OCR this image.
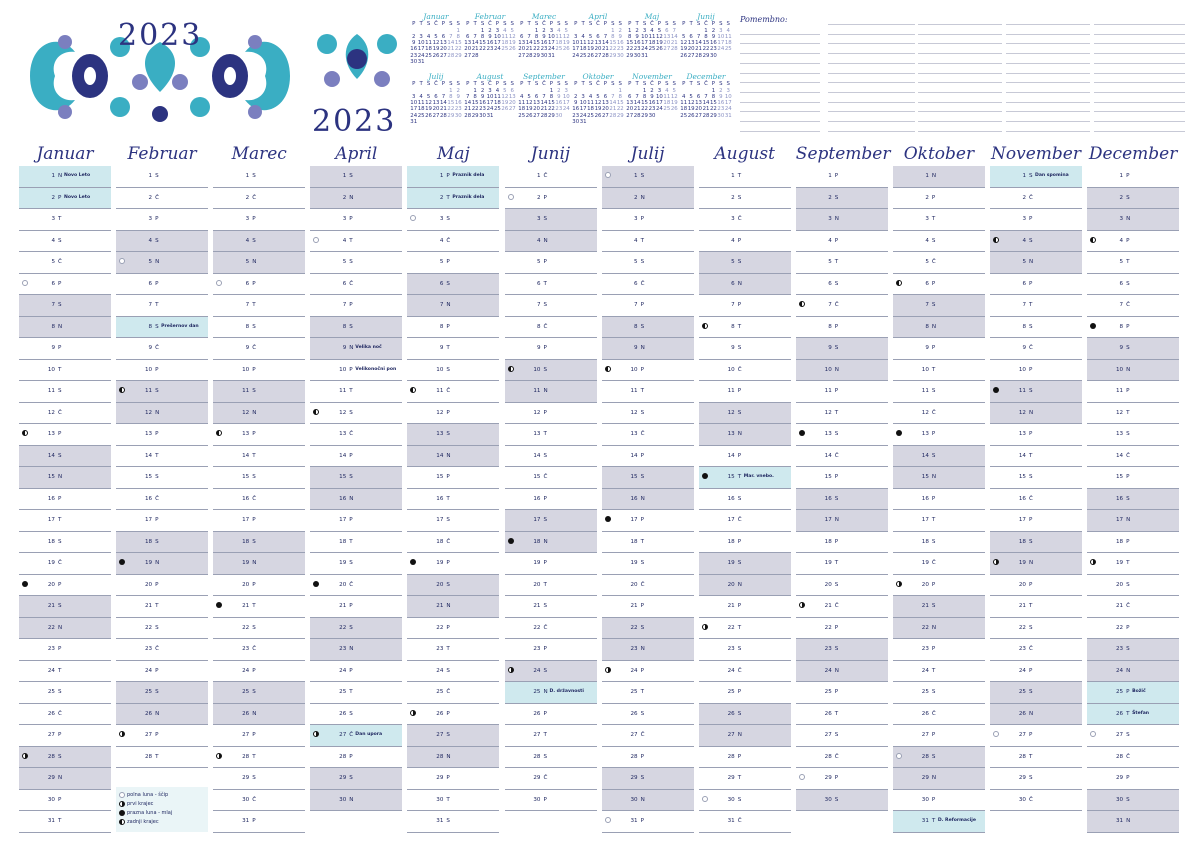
2023
2023
Januar
P T S Č P S S
1
2 3 4 5 6 7 8
9 10 11 12 13 14 15
16 17 18 19 20 21 22
23 24 25 26 27 28 29
30 31
Februar
P T S Č P S S
1 2 3 4 5
6 7 8 9 10 11 12
13 14 15 16 17 18 19
20 21 22 23 24 25 26
27 28
Marec
P T S Č P S S
1 2 3 4 5
6 7 8 9 10 11 12
13 14 15 16 17 18 19
20 21 22 23 24 25 26
27 28 29 30 31
April
P T S Č P S S
1 2
3 4 5 6 7 8 9
10 11 12 13 14 15 16
17 18 19 20 21 22 23
24 25 26 27 28 29 30
Maj
P T S Č P S S
1 2 3 4 5 6 7
8 9 10 11 12 13 14
15 16 17 18 19 20 21
22 23 24 25 26 27 28
29 30 31
Junij
P T S Č P S S
1 2 3 4
5 6 7 8 9 10 11
12 13 14 15 16 17 18
19 20 21 22 23 24 25
26 27 28 29 30
Julij
P T S Č P S S
1 2
3 4 5 6 7 8 9
10 11 12 13 14 15 16
17 18 19 20 21 22 23
24 25 26 27 28 29 30
31
August
P T S Č P S S
1 2 3 4 5 6
7 8 9 10 11 12 13
14 15 16 17 18 19 20
21 22 23 24 25 26 27
28 29 30 31
September
P T S Č P S S
1 2 3
4 5 6 7 8 9 10
11 12 13 14 15 16 17
18 19 20 21 22 23 24
25 26 27 28 29 30
Oktober
P T S Č P S S
1
2 3 4 5 6 7 8
9 10 11 12 13 14 15
16 17 18 19 20 21 22
23 24 25 26 27 28 29
30 31
November
P T S Č P S S
1 2 3 4 5
6 7 8 9 10 11 12
13 14 15 16 17 18 19
20 21 22 23 24 25 26
27 28 29 30
December
P T S Č P S S
1 2 3
4 5 6 7 8 9 10
11 12 13 14 15 16 17
18 19 20 21 22 23 24
25 26 27 28 29 30 31
Pomembno:
Januar
1 N Novo Leto
2 P Novo Leto
3 T
4 S
5 Č
6 P
7 S
8 N
9 P
10 T
11 S
12 Č
13 P
14 S
15 N
16 P
17 T
18 S
19 Č
20 P
21 S
22 N
23 P
24 T
25 S
26 Č
27 P
28 S
29 N
30 P
31 T
Februar
1 S
2 Č
3 P
4 S
5 N
6 P
7 T
8 S Prešernov dan
9 Č
10 P
11 S
12 N
13 P
14 T
15 S
16 Č
17 P
18 S
19 N
20 P
21 T
22 S
23 Č
24 P
25 S
26 N
27 P
28 T
Marec
1 S
2 Č
3 P
4 S
5 N
6 P
7 T
8 S
9 Č
10 P
11 S
12 N
13 P
14 T
15 S
16 Č
17 P
18 S
19 N
20 P
21 T
22 S
23 Č
24 P
25 S
26 N
27 P
28 T
29 S
30 Č
31 P
April
1 S
2 N
3 P
4 T
5 S
6 Č
7 P
8 S
9 N Velika noč
10 P Velikonočni pon
11 T
12 S
13 Č
14 P
15 S
16 N
17 P
18 T
19 S
20 Č
21 P
22 S
23 N
24 P
25 T
26 S
27 Č Dan upora
28 P
29 S
30 N
Maj
1 P Praznik dela
2 T Praznik dela
3 S
4 Č
5 P
6 S
7 N
8 P
9 T
10 S
11 Č
12 P
13 S
14 N
15 P
16 T
17 S
18 Č
19 P
20 S
21 N
22 P
23 T
24 S
25 Č
26 P
27 S
28 N
29 P
30 T
31 S
Junij
1 Č
2 P
3 S
4 N
5 P
6 T
7 S
8 Č
9 P
10 S
11 N
12 P
13 T
14 S
15 Č
16 P
17 S
18 N
19 P
20 T
21 S
22 Č
23 P
24 S
25 N D. državnosti
26 P
27 T
28 S
29 Č
30 P
Julij
1 S
2 N
3 P
4 T
5 S
6 Č
7 P
8 S
9 N
10 P
11 T
12 S
13 Č
14 P
15 S
16 N
17 P
18 T
19 S
20 Č
21 P
22 S
23 N
24 P
25 T
26 S
27 Č
28 P
29 S
30 N
31 P
August
1 T
2 S
3 Č
4 P
5 S
6 N
7 P
8 T
9 S
10 Č
11 P
12 S
13 N
14 P
15 T Mar. vnebo.
16 S
17 Č
18 P
19 S
20 N
21 P
22 T
23 S
24 Č
25 P
26 S
27 N
28 P
29 T
30 S
31 Č
September
1 P
2 S
3 N
4 P
5 T
6 S
7 Č
8 P
9 S
10 N
11 P
12 T
13 S
14 Č
15 P
16 S
17 N
18 P
19 T
20 S
21 Č
22 P
23 S
24 N
25 P
26 T
27 S
28 Č
29 P
30 S
Oktober
1 N
2 P
3 T
4 S
5 Č
6 P
7 S
8 N
9 P
10 T
11 S
12 Č
13 P
14 S
15 N
16 P
17 T
18 S
19 Č
20 P
21 S
22 N
23 P
24 T
25 S
26 Č
27 P
28 S
29 N
30 P
31 T D. Reformacije
November
1 S Dan spomina
2 Č
3 P
4 S
5 N
6 P
7 T
8 S
9 Č
10 P
11 S
12 N
13 P
14 T
15 S
16 Č
17 P
18 S
19 N
20 P
21 T
22 S
23 Č
24 P
25 S
26 N
27 P
28 T
29 S
30 Č
December
1 P
2 S
3 N
4 P
5 T
6 S
7 Č
8 P
9 S
10 N
11 P
12 T
13 S
14 Č
15 P
16 S
17 N
18 P
19 T
20 S
21 Č
22 P
23 S
24 N
25 P Božič
26 T Štefan
27 S
28 Č
29 P
30 S
31 N
polna luna - ščip
prvi krajec
prazna luna - mlaj
zadnji krajec
